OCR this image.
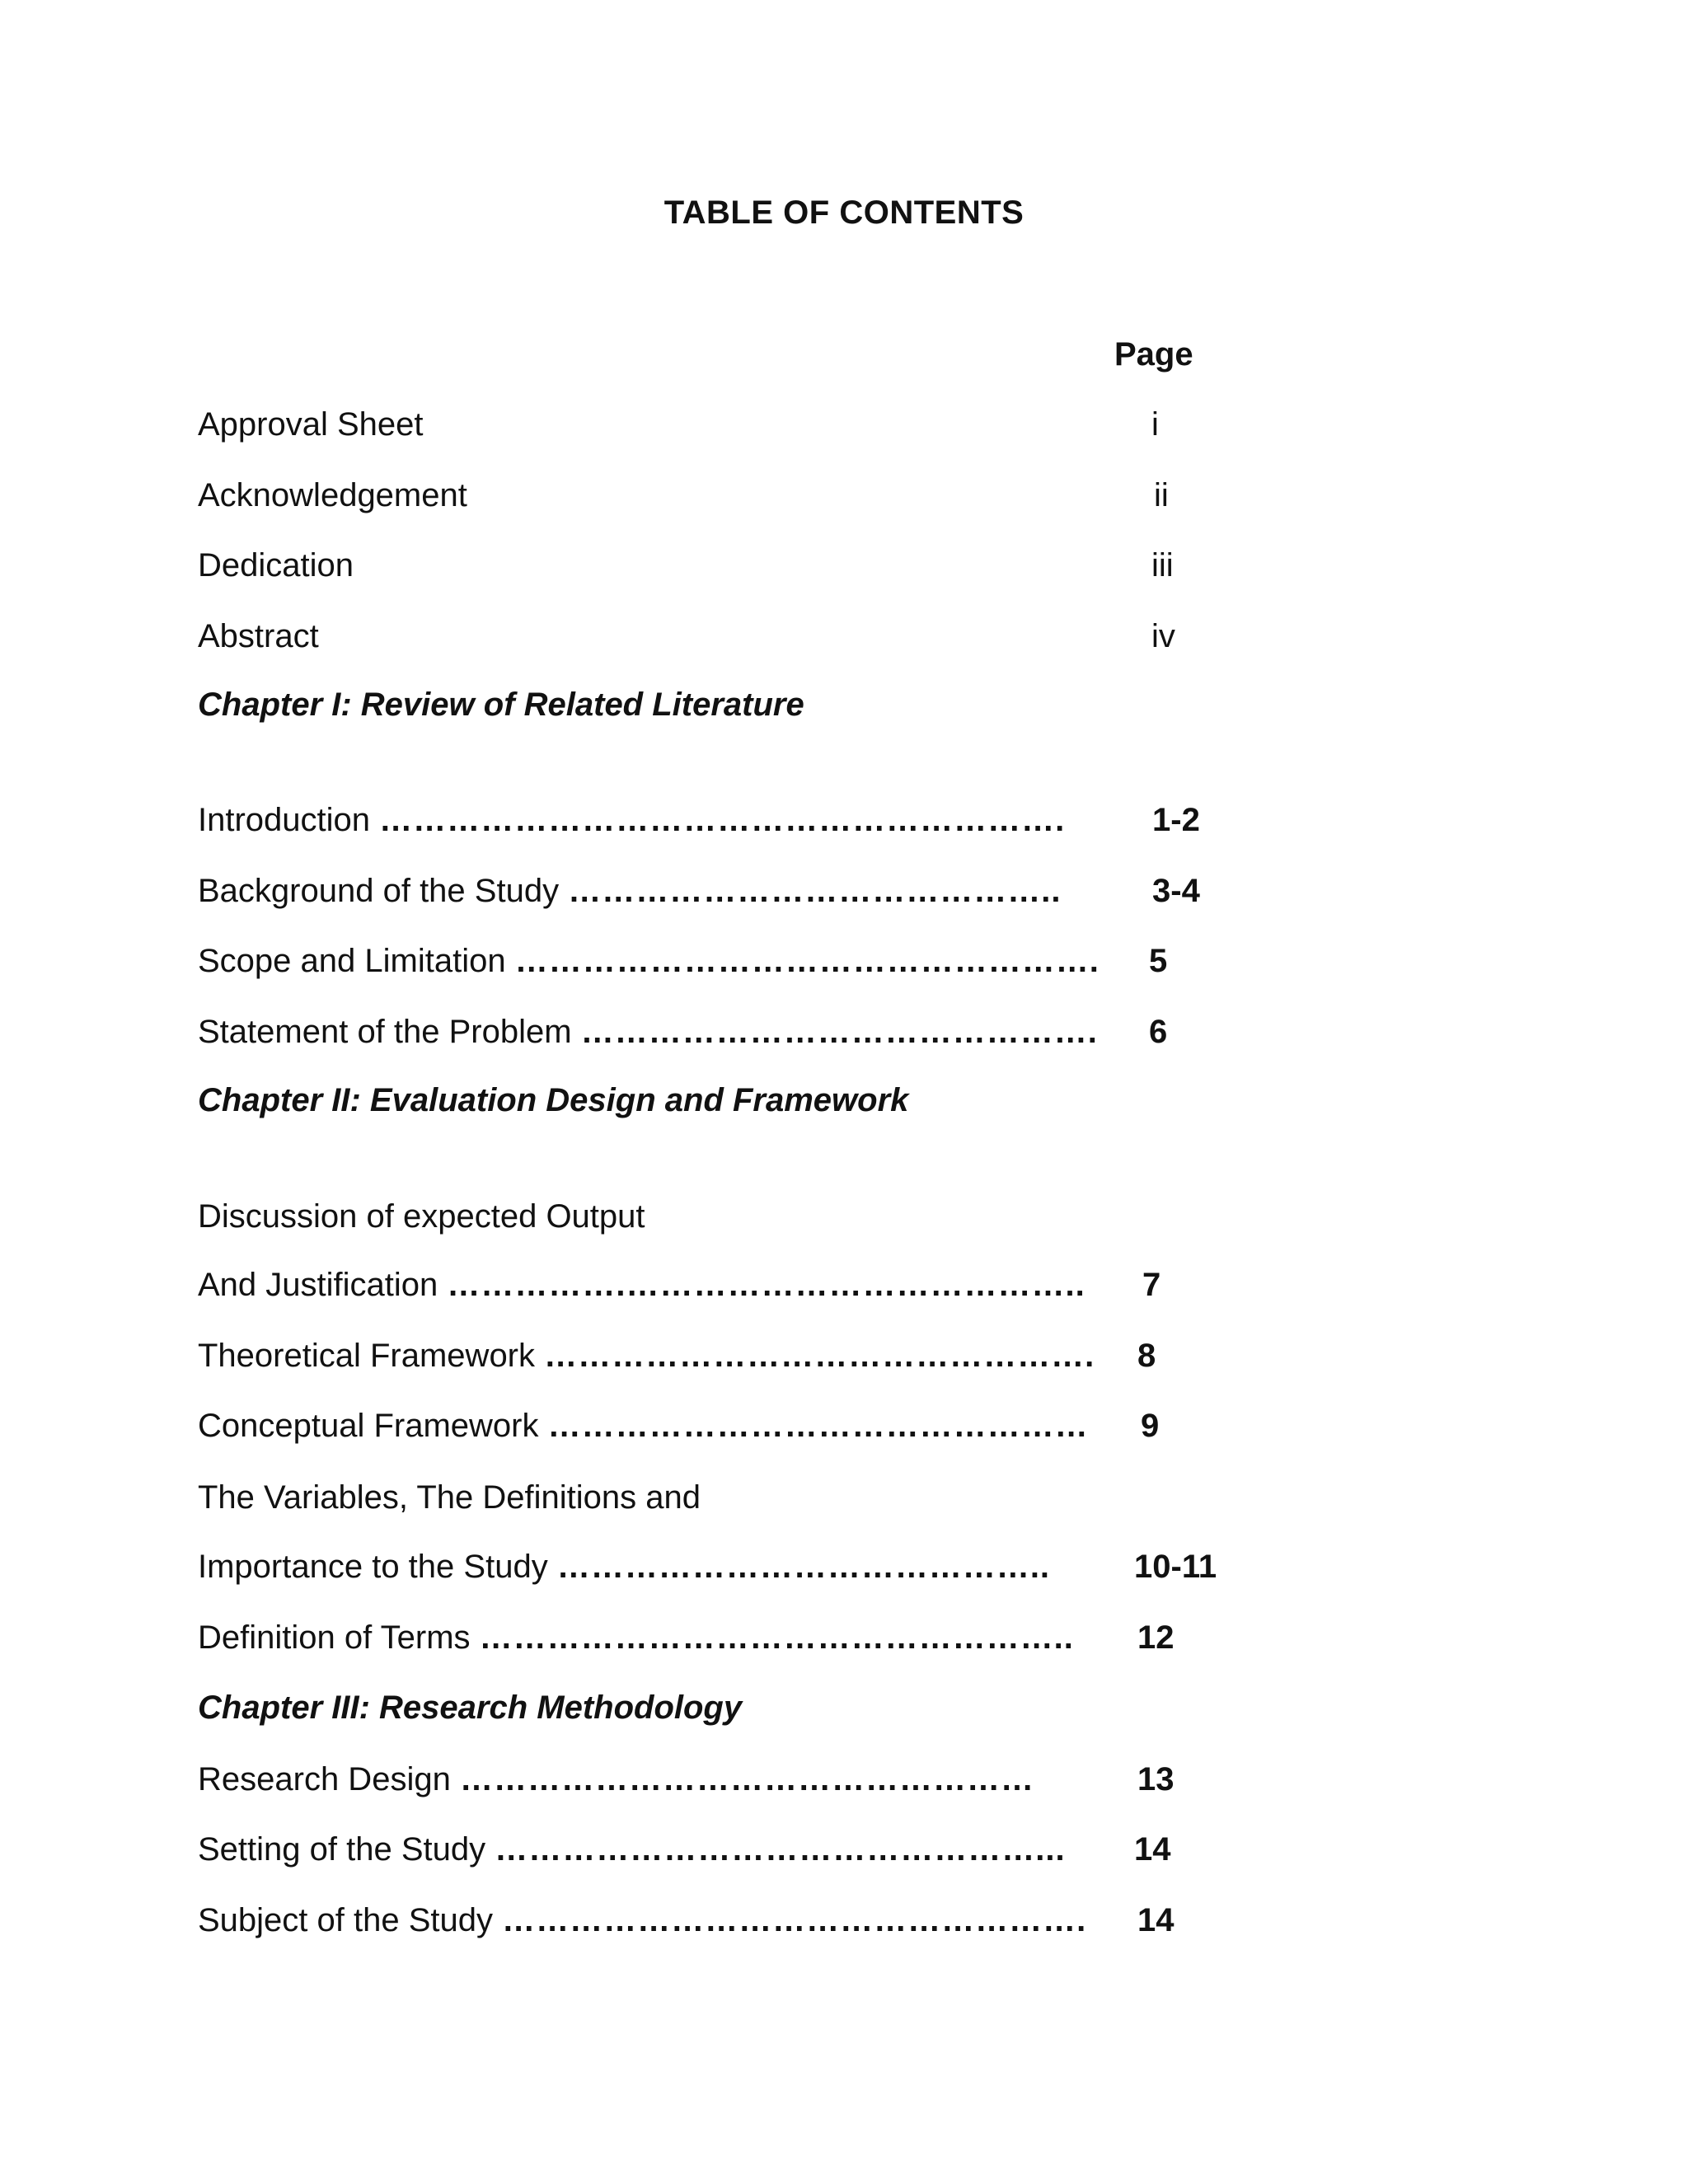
TABLE OF CONTENTS
Page
Approval Sheet	i
Acknowledgement	ii
Dedication	iii
Abstract	iv
Chapter I: Review of Related Literature
Introduction …………………………………………………….	1-2
Background of the Study ……………………………………..	3-4
Scope and Limitation ……………………………………………. 5
Statement of the Problem ………………………………………. 6
Chapter II: Evaluation Design and Framework
Discussion of expected Output
And Justification …………….………………………………….. 7
Theoretical Framework …………………………………………. 8
Conceptual Framework ………………………………………… 9
The Variables, The Definitions and
Importance to the Study ……………………………………..	10-11
Definition of Terms …………………………………………….. 12
Chapter III: Research Methodology
Research Design ……………………………………………	13
Setting of the Study …………………………………………... 14
Subject of the Study ……………………………………………. 14
